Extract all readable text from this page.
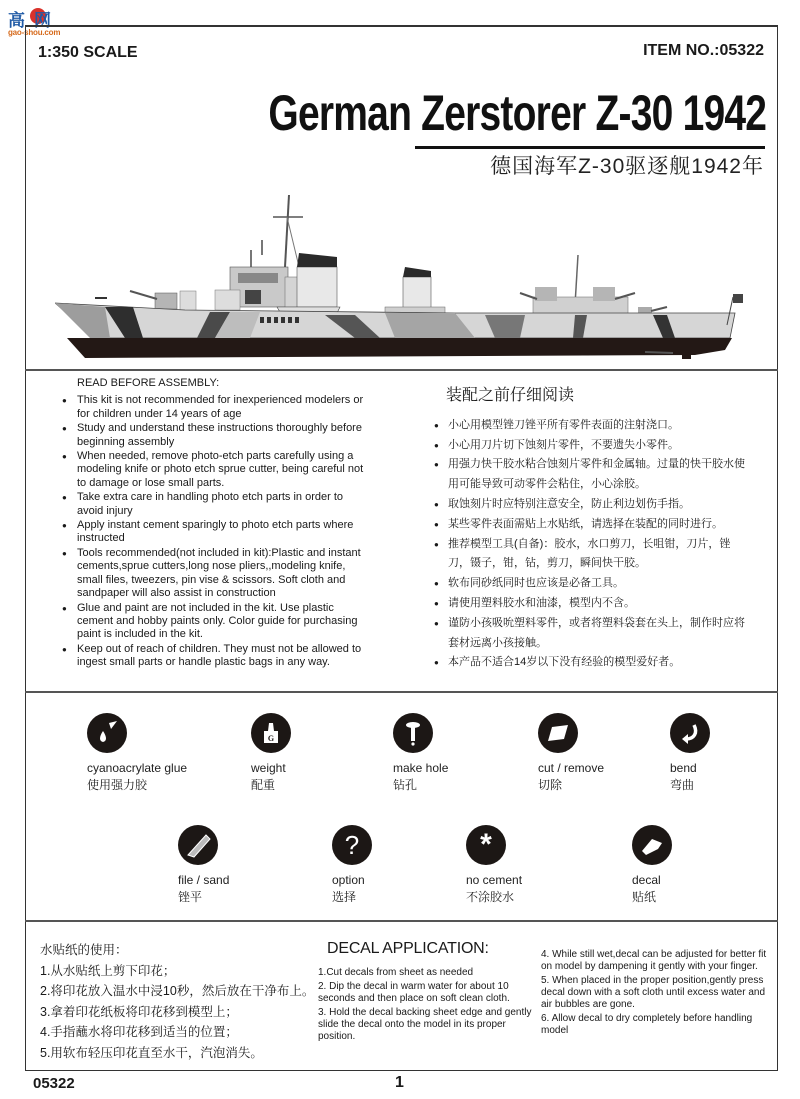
高网
gao-shou.com
1:350 SCALE	ITEM NO.:05322
German Zerstorer Z-30 1942
德国海军Z-30驱逐舰1942年
READ BEFORE ASSEMBLY:
● This kit is not recommended for inexperienced modelers or for children under 14 years of age
● Study and understand these instructions thoroughly before beginning assembly
● When needed, remove photo-etch parts carefully using a modeling knife or photo etch sprue cutter, being careful not to damage or lose small parts.
● Take extra care in handling photo etch parts in order to avoid injury
● Apply instant cement sparingly to photo etch parts where instructed
● Tools recommended(not included in kit):Plastic and instant cements,sprue cutters,long nose pliers,,modeling knife, small files, tweezers, pin vise & scissors. Soft cloth and sandpaper will also assist in construction
● Glue and paint are not included in the kit. Use plastic cement and hobby paints only. Color guide for purchasing paint is included in the kit.
● Keep out of reach of children. They must not be allowed to ingest small parts or handle plastic bags in any way.
装配之前仔细阅读
● 小心用模型锉刀锉平所有零件表面的注射浇口。
● 小心用刀片切下蚀刻片零件，不要遗失小零件。
● 用强力快干胶水粘合蚀刻片零件和金属轴。过量的快干胶水使用可能导致可动零件会粘住，小心涂胶。
● 取蚀刻片时应特别注意安全，防止利边划伤手指。
● 某些零件表面需贴上水贴纸，请选择在装配的同时进行。
● 推荐模型工具(自备)：胶水，水口剪刀，长咀钳，刀片，锉刀，镊子，钳，钻，剪刀，瞬间快干胶。
● 软布同砂纸同时也应该是必备工具。
● 请使用塑料胶水和油漆，模型内不含。
● 谨防小孩吸吮塑料零件，或者将塑料袋套在头上，制作时应将套材远离小孩接触。
● 本产品不适合14岁以下没有经验的模型爱好者。
cyanoacrylate glue
使用强力胶
G
weight
配重
make hole
钻孔
cut / remove
切除
bend
弯曲
file / sand
锉平
?
option
选择
*
no cement
不涂胶水
decal
贴纸
水贴纸的使用：
1.从水贴纸上剪下印花；
2.将印花放入温水中浸10秒，然后放在干净布上。
3.拿着印花纸板将印花移到模型上；
4.手指蘸水将印花移到适当的位置；
5.用软布轻压印花直至水干，汽泡消失。
DECAL APPLICATION:

1.Cut decals from sheet as needed

2. Dip the decal in warm water for about 10 seconds and then place on soft clean cloth.

3. Hold the decal backing sheet edge and gently slide the decal onto the model in its proper position.

4. While still wet,decal can be adjusted for better fit on model by dampening it gently with your finger.

5. When placed in the proper position,gently press decal down with a soft cloth until excess water and air bubbles are gone.

6. Allow decal to dry completely before handling model

05322	1
